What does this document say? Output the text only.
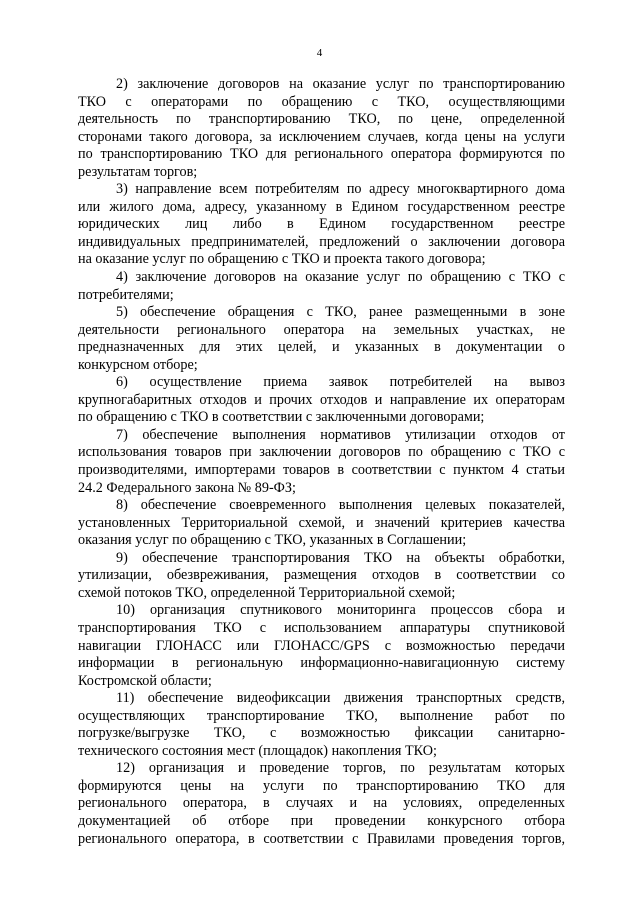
4
2) заключение договоров на оказание услуг по транспортированию
ТКО с операторами по обращению с ТКО, осуществляющими
деятельность по транспортированию ТКО, по цене, определенной
сторонами такого договора, за исключением случаев, когда цены на услуги
по транспортированию ТКО для регионального оператора формируются по
результатам торгов;
3) направление всем потребителям по адресу многоквартирного дома
или жилого дома, адресу, указанному в Едином государственном реестре
юридических лиц либо в Едином государственном реестре
индивидуальных предпринимателей, предложений о заключении договора
на оказание услуг по обращению с ТКО и проекта такого договора;
4) заключение договоров на оказание услуг по обращению с ТКО с
потребителями;
5) обеспечение обращения с ТКО, ранее размещенными в зоне
деятельности регионального оператора на земельных участках, не
предназначенных для этих целей, и указанных в документации о
конкурсном отборе;
6) осуществление приема заявок потребителей на вывоз
крупногабаритных отходов и прочих отходов и направление их операторам
по обращению с ТКО в соответствии с заключенными договорами;
7) обеспечение выполнения нормативов утилизации отходов от
использования товаров при заключении договоров по обращению с ТКО с
производителями, импортерами товаров в соответствии с пунктом 4 статьи
24.2 Федерального закона № 89-ФЗ;
8) обеспечение своевременного выполнения целевых показателей,
установленных Территориальной схемой, и значений критериев качества
оказания услуг по обращению с ТКО, указанных в Соглашении;
9) обеспечение транспортирования ТКО на объекты обработки,
утилизации, обезвреживания, размещения отходов в соответствии со
схемой потоков ТКО, определенной Территориальной схемой;
10) организация спутникового мониторинга процессов сбора и
транспортирования ТКО с использованием аппаратуры спутниковой
навигации ГЛОНАСС или ГЛОНАСС/GPS с возможностью передачи
информации в региональную информационно-навигационную систему
Костромской области;
11) обеспечение видеофиксации движения транспортных средств,
осуществляющих транспортирование ТКО, выполнение работ по
погрузке/выгрузке ТКО, с возможностью фиксации санитарно-
технического состояния мест (площадок) накопления ТКО;
12) организация и проведение торгов, по результатам которых
формируются цены на услуги по транспортированию ТКО для
регионального оператора, в случаях и на условиях, определенных
документацией об отборе при проведении конкурсного отбора
регионального оператора, в соответствии с Правилами проведения торгов,
